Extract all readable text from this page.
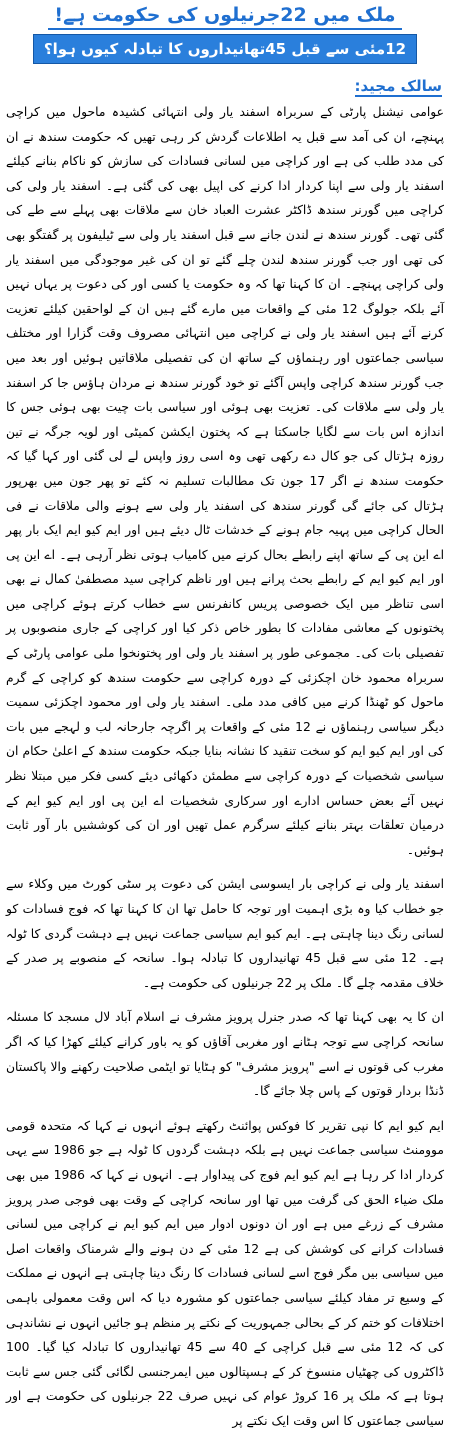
ملک میں 22جرنیلوں کی حکومت ہے!
12مئی سے قبل 45تھانیداروں کا تبادلہ کیوں ہوا؟
سالک مجید:

عوامی نیشنل پارٹی کے سربراہ اسفند یار ولی انتہائی کشیدہ ماحول میں کراچی پہنچے، ان کی آمد سے قبل یہ اطلاعات گردش کر رہی تھیں کہ حکومت سندھ نے ان کی مدد طلب کی ہے اور کراچی میں لسانی فسادات کی سازش کو ناکام بنانے کیلئے اسفند یار ولی سے اپنا کردار ادا کرنے کی اپیل بھی کی گئی ہے۔ اسفند یار ولی کی کراچی میں گورنر سندھ ڈاکٹر عشرت العباد خان سے ملاقات بھی پہلے سے طے کی گئی تھی۔ گورنر سندھ نے لندن جانے سے قبل اسفند یار ولی سے ٹیلیفون پر گفتگو بھی کی تھی اور جب گورنر سندھ لندن چلے گئے تو ان کی غیر موجودگی میں اسفند یار ولی کراچی پہنچے۔ ان کا کہنا تھا کہ وہ حکومت یا کسی اور کی دعوت پر یہاں نہیں آئے بلکہ جولوگ 12 مئی کے واقعات میں مارے گئے ہیں ان کے لواحقین کیلئے تعزیت کرنے آئے ہیں اسفند یار ولی نے کراچی میں انتہائی مصروف وقت گزارا اور مختلف سیاسی جماعتوں اور رہنماؤں کے ساتھ ان کی تفصیلی ملاقاتیں ہوئیں اور بعد میں جب گورنر سندھ کراچی واپس آگئے تو خود گورنر سندھ نے مردان ہاؤس جا کر اسفند یار ولی سے ملاقات کی۔ تعزیت بھی ہوئی اور سیاسی بات چیت بھی ہوئی جس کا اندازہ اس بات سے لگایا جاسکتا ہے کہ پختون ایکشن کمیٹی اور لویہ جرگہ نے تین روزہ ہڑتال کی جو کال دے رکھی تھی وہ اسی روز واپس لے لی گئی اور کہا گیا کہ حکومت سندھ نے اگر 17 جون تک مطالبات تسلیم نہ کئے تو پھر جون میں بھرپور ہڑتال کی جائے گی گورنر سندھ کی اسفند یار ولی سے ہونے والی ملاقات نے فی الحال کراچی میں پہیہ جام ہونے کے خدشات ٹال دیئے ہیں اور ایم کیو ایم ایک بار پھر اے این پی کے ساتھ اپنے رابطے بحال کرنے میں کامیاب ہوتی نظر آرہی ہے۔ اے این پی اور ایم کیو ایم کے رابطے بحث پرانے ہیں اور ناظم کراچی سید مصطفیٰ کمال نے بھی اسی تناظر میں ایک خصوصی پریس کانفرنس سے خطاب کرتے ہوئے کراچی میں پختونوں کے معاشی مفادات کا بطور خاص ذکر کیا اور کراچی کے جاری منصوبوں پر تفصیلی بات کی۔ مجموعی طور پر اسفند یار ولی اور پختونخوا ملی عوامی پارٹی کے سربراہ محمود خان اچکزئی کے دورہ کراچی سے حکومت سندھ کو کراچی کے گرم ماحول کو ٹھنڈا کرنے میں کافی مدد ملی۔ اسفند یار ولی اور محمود اچکزئی سمیت دیگر سیاسی رہنماؤں نے 12 مئی کے واقعات پر اگرچہ جارحانہ لب و لہجے میں بات کی اور ایم کیو ایم کو سخت تنقید کا نشانہ بنایا جبکہ حکومت سندھ کے اعلیٰ حکام ان سیاسی شخصیات کے دورہ کراچی سے مطمئن دکھائی دیئے کسی فکر میں مبتلا نظر نہیں آئے بعض حساس ادارے اور سرکاری شخصیات اے این پی اور ایم کیو ایم کے درمیان تعلقات بہتر بنانے کیلئے سرگرم عمل تھیں اور ان کی کوششیں بار آور ثابت ہوئیں۔

اسفند یار ولی نے کراچی بار ایسوسی ایشن کی دعوت پر سٹی کورٹ میں وکلاء سے جو خطاب کیا وہ بڑی اہمیت اور توجہ کا حامل تھا ان کا کہنا تھا کہ فوج فسادات کو لسانی رنگ دینا چاہتی ہے۔ ایم کیو ایم سیاسی جماعت نہیں ہے دہشت گردی کا ٹولہ ہے۔ 12 مئی سے قبل 45 تھانیداروں کا تبادلہ ہوا۔ سانحہ کے منصوبے پر صدر کے خلاف مقدمہ چلے گا۔ ملک پر 22 جرنیلوں کی حکومت ہے۔

ان کا یہ بھی کہنا تھا کہ صدر جنرل پرویز مشرف نے اسلام آباد لال مسجد کا مسئلہ سانحہ کراچی سے توجہ ہٹانے اور مغربی آقاؤں کو یہ باور کرانے کیلئے کھڑا کیا کہ اگر مغرب کی قوتوں نے اسے "پرویز مشرف" کو ہٹایا تو ایٹمی صلاحیت رکھنے والا پاکستان ڈنڈا بردار قوتوں کے پاس چلا جائے گا۔

ایم کیو ایم کا نپی تقریر کا فوکس پوائنٹ رکھتے ہوئے انہوں نے کہا کہ متحدہ قومی موومنٹ سیاسی جماعت نہیں ہے بلکہ دہشت گردوں کا ٹولہ ہے جو 1986 سے یہی کردار ادا کر رہا ہے ایم کیو ایم فوج کی پیداوار ہے۔ انہوں نے کہا کہ 1986 میں بھی ملک ضیاء الحق کی گرفت میں تھا اور سانحہ کراچی کے وقت بھی فوجی صدر پرویز مشرف کے زرغے میں ہے اور ان دونوں ادوار میں ایم کیو ایم نے کراچی میں لسانی فسادات کرانے کی کوشش کی ہے 12 مئی کے دن ہونے والے شرمناک واقعات اصل میں سیاسی بیں مگر فوج اسے لسانی فسادات کا رنگ دینا چاہتی ہے انہوں نے مملکت کے وسیع تر مفاد کیلئے سیاسی جماعتوں کو مشورہ دیا کہ اس وقت معمولی باہمی اختلافات کو ختم کر کے بحالی جمہوریت کے نکتے پر منظم ہو جائیں انہوں نے نشاندہی کی کہ 12 مئی سے قبل کراچی کے 40 سے 45 تھانیداروں کا تبادلہ کیا گیا۔ 100 ڈاکٹروں کی چھٹیاں منسوخ کر کے ہسپتالوں میں ایمرجنسی لگائی گئی جس سے ثابت ہوتا ہے کہ ملک پر 16 کروڑ عوام کی نہیں صرف 22 جرنیلوں کی حکومت ہے اور سیاسی جماعتوں کا اس وقت ایک نکتے پر
